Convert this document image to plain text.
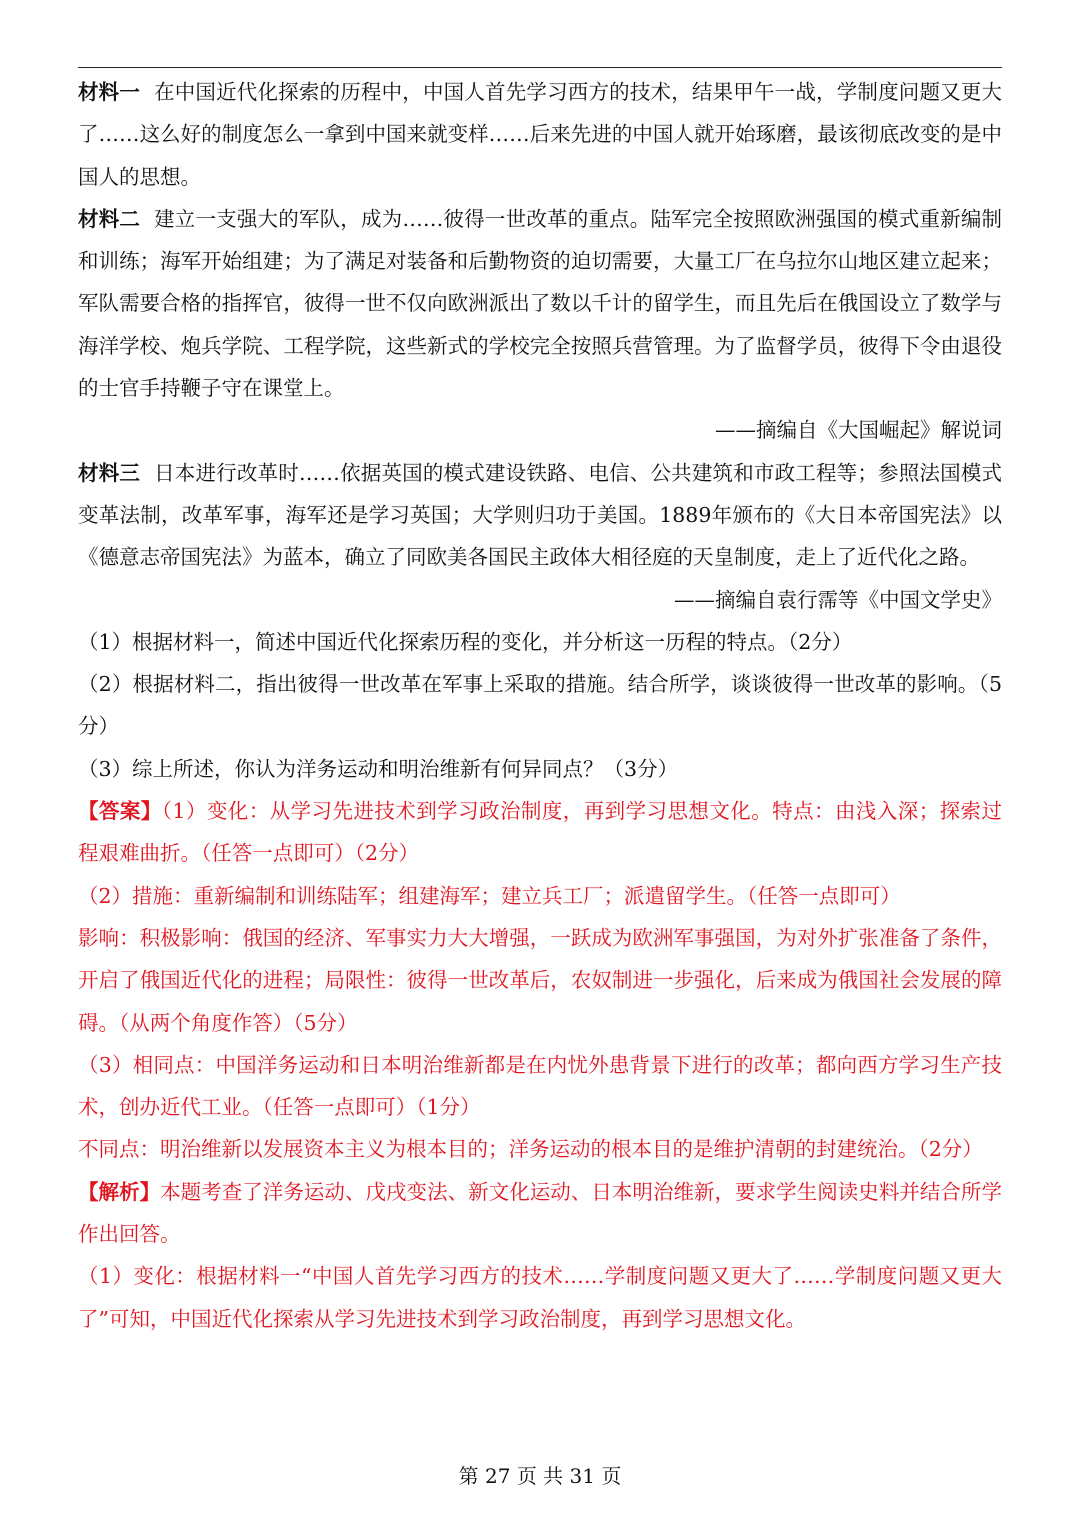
材料一 在中国近代化探索的历程中，中国人首先学习西方的技术，结果甲午一战，学制度问题又更大了……这么好的制度怎么一拿到中国来就变样……后来先进的中国人就开始琢磨，最该彻底改变的是中国人的思想。

材料二 建立一支强大的军队，成为……彼得一世改革的重点。陆军完全按照欧洲强国的模式重新编制和训练；海军开始组建；为了满足对装备和后勤物资的迫切需要，大量工厂在乌拉尔山地区建立起来；军队需要合格的指挥官，彼得一世不仅向欧洲派出了数以千计的留学生，而且先后在俄国设立了数学与海洋学校、炮兵学院、工程学院，这些新式的学校完全按照兵营管理。为了监督学员，彼得下令由退役的士官手持鞭子守在课堂上。

——摘编自《大国崛起》解说词

材料三 日本进行改革时……依据英国的模式建设铁路、电信、公共建筑和市政工程等；参照法国模式变革法制，改革军事，海军还是学习英国；大学则归功于美国。1889年颁布的《大日本帝国宪法》以《德意志帝国宪法》为蓝本，确立了同欧美各国民主政体大相径庭的天皇制度，走上了近代化之路。

——摘编自袁行霈等《中国文学史》

（1）根据材料一，简述中国近代化探索历程的变化，并分析这一历程的特点。（2分）

（2）根据材料二，指出彼得一世改革在军事上采取的措施。结合所学，谈谈彼得一世改革的影响。（5分）

（3）综上所述，你认为洋务运动和明治维新有何异同点？（3分）

【答案】（1）变化：从学习先进技术到学习政治制度，再到学习思想文化。特点：由浅入深；探索过程艰难曲折。（任答一点即可）（2分）

（2）措施：重新编制和训练陆军；组建海军；建立兵工厂；派遣留学生。（任答一点即可）

影响：积极影响：俄国的经济、军事实力大大增强，一跃成为欧洲军事强国，为对外扩张准备了条件，开启了俄国近代化的进程；局限性：彼得一世改革后，农奴制进一步强化，后来成为俄国社会发展的障碍。（从两个角度作答）（5分）

（3）相同点：中国洋务运动和日本明治维新都是在内忧外患背景下进行的改革；都向西方学习生产技术，创办近代工业。（任答一点即可）（1分）

不同点：明治维新以发展资本主义为根本目的；洋务运动的根本目的是维护清朝的封建统治。（2分）

【解析】本题考查了洋务运动、戊戌变法、新文化运动、日本明治维新，要求学生阅读史料并结合所学作出回答。

（1）变化：根据材料一“中国人首先学习西方的技术……学制度问题又更大了……学制度问题又更大了”可知，中国近代化探索从学习先进技术到学习政治制度，再到学习思想文化。

第 27 页 共 31 页
